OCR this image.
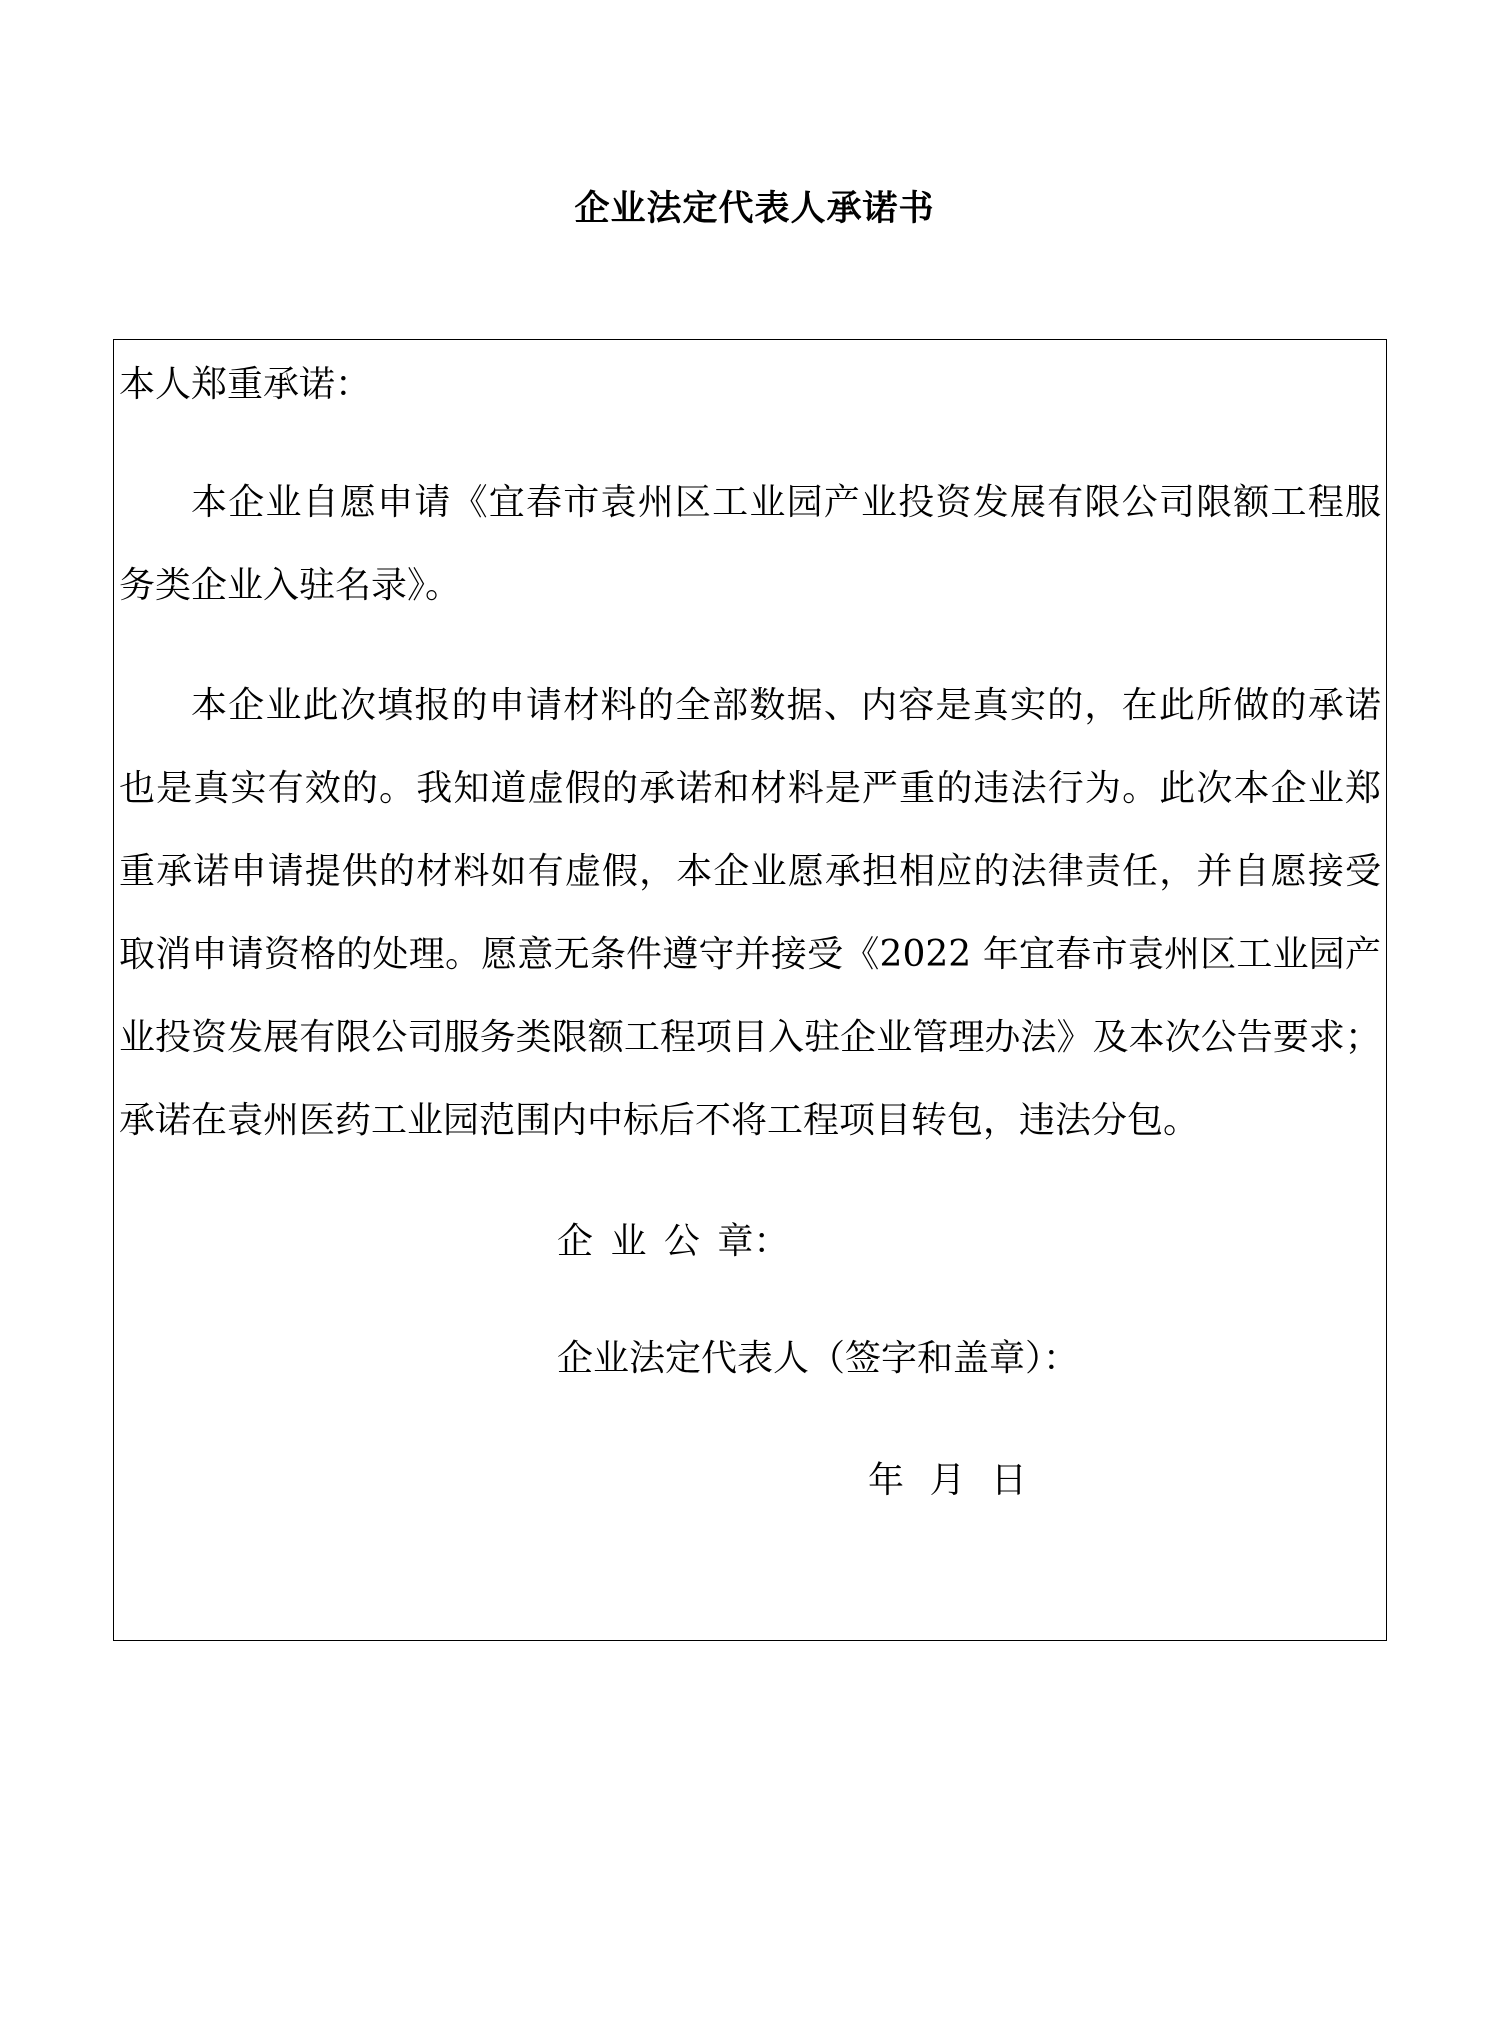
企业法定代表人承诺书
本人郑重承诺：
本企业自愿申请《宜春市袁州区工业园产业投资发展有限公司限额工程服
务类企业入驻名录》。
本企业此次填报的申请材料的全部数据、内容是真实的，在此所做的承诺
也是真实有效的。我知道虚假的承诺和材料是严重的违法行为。此次本企业郑
重承诺申请提供的材料如有虚假，本企业愿承担相应的法律责任，并自愿接受
取消申请资格的处理。愿意无条件遵守并接受《2022 年宜春市袁州区工业园产
业投资发展有限公司服务类限额工程项目入驻企业管理办法》及本次公告要求；
承诺在袁州医药工业园范围内中标后不将工程项目转包，违法分包。
企 业 公 章：
企业法定代表人（签字和盖章）：
年 月 日
